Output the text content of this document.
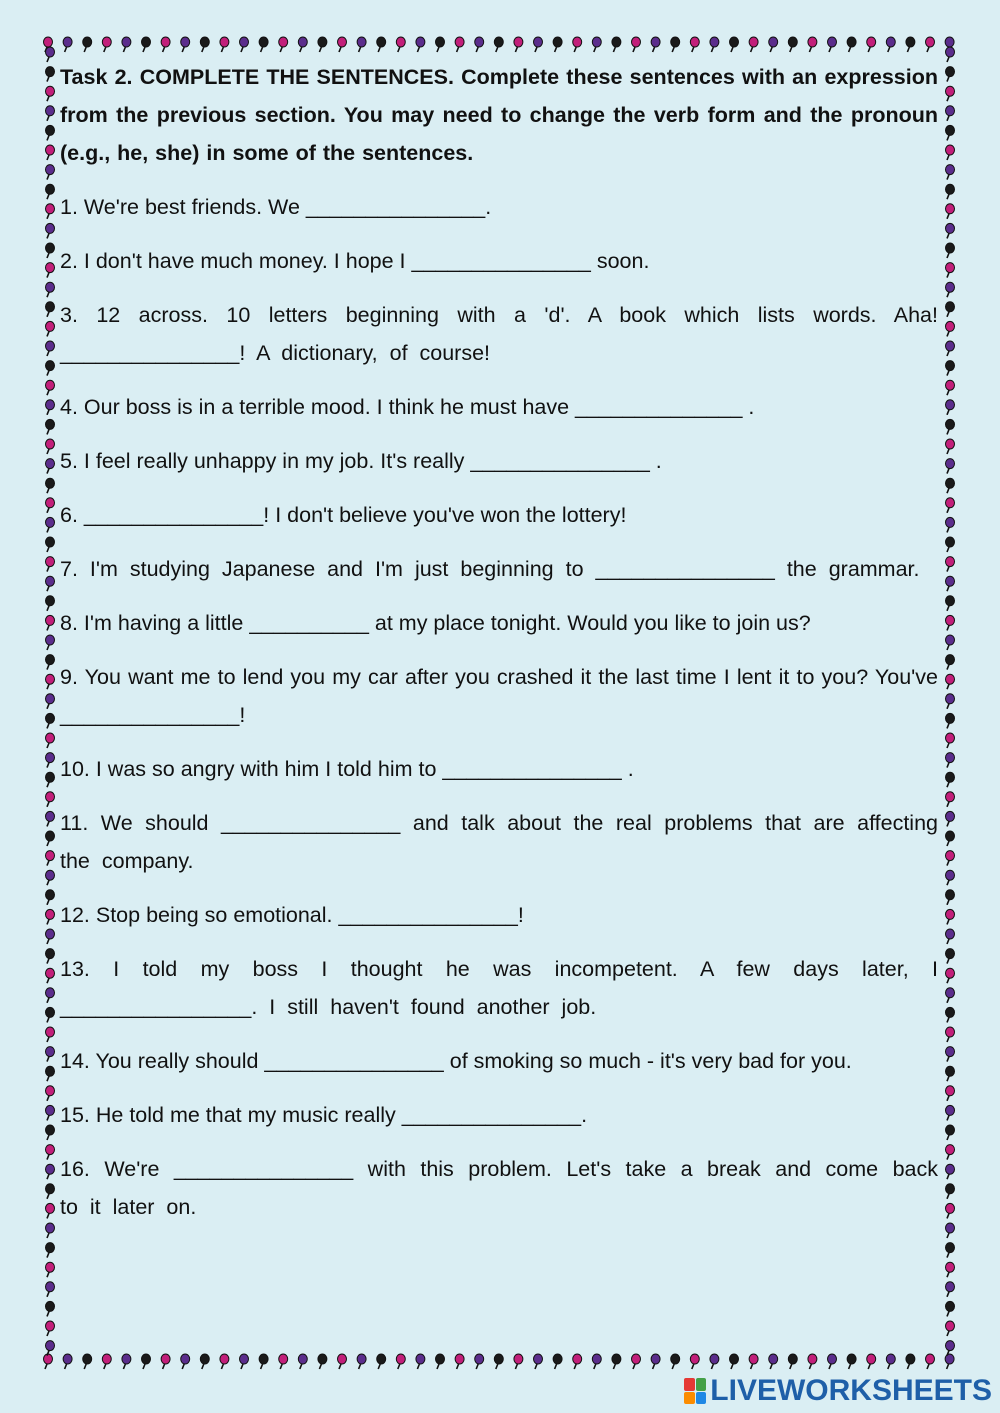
Task 2. COMPLETE THE SENTENCES. Complete these sentences with an expression from the previous section. You may need to change the verb form and the pronoun (e.g., he, she) in some of the sentences.

1. We're best friends. We _______________.

2. I don't have much money. I hope I _______________ soon.

3. 12 across. 10 letters beginning with a 'd'. A book which lists words. Aha! _______________! A dictionary, of course!

4. Our boss is in a terrible mood. I think he must have ______________ .

5. I feel really unhappy in my job. It's really _______________ .

6. _______________! I don't believe you've won the lottery!

7. I'm studying Japanese and I'm just beginning to _______________ the grammar.

8. I'm having a little __________ at my place tonight. Would you like to join us?

9. You want me to lend you my car after you crashed it the last time I lent it to you? You've _______________!

10. I was so angry with him I told him to _______________ .

11. We should _______________ and talk about the real problems that are affecting the company.

12. Stop being so emotional. _______________!

13. I told my boss I thought he was incompetent. A few days later, I ________________. I still haven't found another job.

14. You really should _______________ of smoking so much - it's very bad for you.

15. He told me that my music really _______________.

16. We're _______________ with this problem. Let's take a break and come back to it later on.

LIVEWORKSHEETS
